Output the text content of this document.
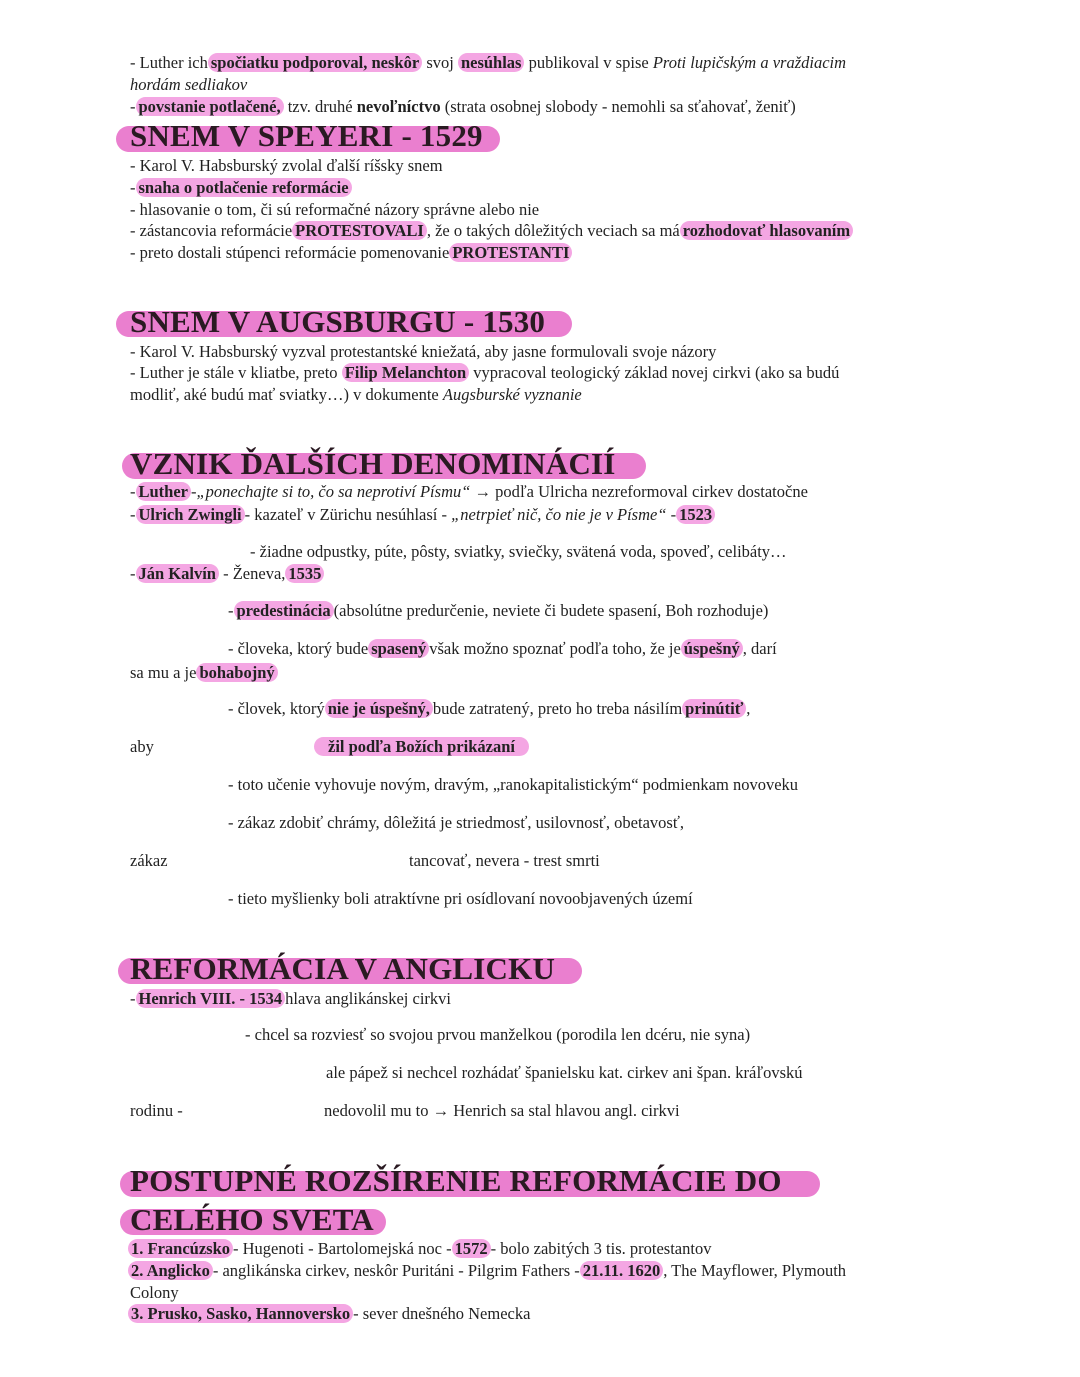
- Luther ich spočiatku podporoval, neskôr svoj nesúhlas publikoval v spise Proti lupičským a vraždiacim
hordám sedliakov
- povstanie potlačené, tzv. druhé nevoľníctvo (strata osobnej slobody - nemohli sa sťahovať, ženiť)
SNEM V SPEYERI - 1529
- Karol V. Habsburský zvolal ďalší ríšsky snem
- snaha o potlačenie reformácie
- hlasovanie o tom, či sú reformačné názory správne alebo nie
- zástancovia reformácie PROTESTOVALI , že o takých dôležitých veciach sa má rozhodovať hlasovaním
- preto dostali stúpenci reformácie pomenovanie PROTESTANTI
SNEM V AUGSBURGU - 1530
- Karol V. Habsburský vyzval protestantské kniežatá, aby jasne formulovali svoje názory
- Luther je stále v kliatbe, preto Filip Melanchton vypracoval teologický základ novej cirkvi (ako sa budú
modliť, aké budú mať sviatky…) v dokumente Augsburské vyznanie
VZNIK ĎALŠÍCH DENOMINÁCIÍ
- Luther -„ponechajte si to, čo sa neprotiví Písmu“ → podľa Ulricha nezreformoval cirkev dostatočne
- Ulrich Zwingli - kazateľ v Zürichu nesúhlasí - „netrpieť nič, čo nie je v Písme“ - 1523
- žiadne odpustky, púte, pôsty, sviatky, sviečky, svätená voda, spoveď, celibáty…
- Ján Kalvín - Ženeva, 1535
- predestinácia (absolútne predurčenie, neviete či budete spasení, Boh rozhoduje)
- človeka, ktorý bude spasený však možno spoznať podľa toho, že je úspešný , darí
sa mu a je bohabojný
- človek, ktorý nie je úspešný, bude zatratený, preto ho treba násilím prinútiť ,
aby	žil podľa Božích prikázaní
- toto učenie vyhovuje novým, dravým, „ranokapitalistickým“ podmienkam novoveku
- zákaz zdobiť chrámy, dôležitá je striedmosť, usilovnosť, obetavosť,
zákaz	tancovať, nevera - trest smrti
- tieto myšlienky boli atraktívne pri osídlovaní novoobjavených území
REFORMÁCIA V ANGLICKU
- Henrich VIII. - 1534 hlava anglikánskej cirkvi
- chcel sa rozviesť so svojou prvou manželkou (porodila len dcéru, nie syna)
ale pápež si nechcel rozhádať španielsku kat. cirkev ani špan. kráľovskú
rodinu -	nedovolil mu to → Henrich sa stal hlavou angl. cirkvi
POSTUPNÉ ROZŠÍRENIE REFORMÁCIE DO
CELÉHO SVETA
1. Francúzsko - Hugenoti - Bartolomejská noc - 1572 - bolo zabitých 3 tis. protestantov
2. Anglicko - anglikánska cirkev, neskôr Puritáni - Pilgrim Fathers - 21.11. 1620 , The Mayflower, Plymouth
Colony
3. Prusko, Sasko, Hannoversko - sever dnešného Nemecka
